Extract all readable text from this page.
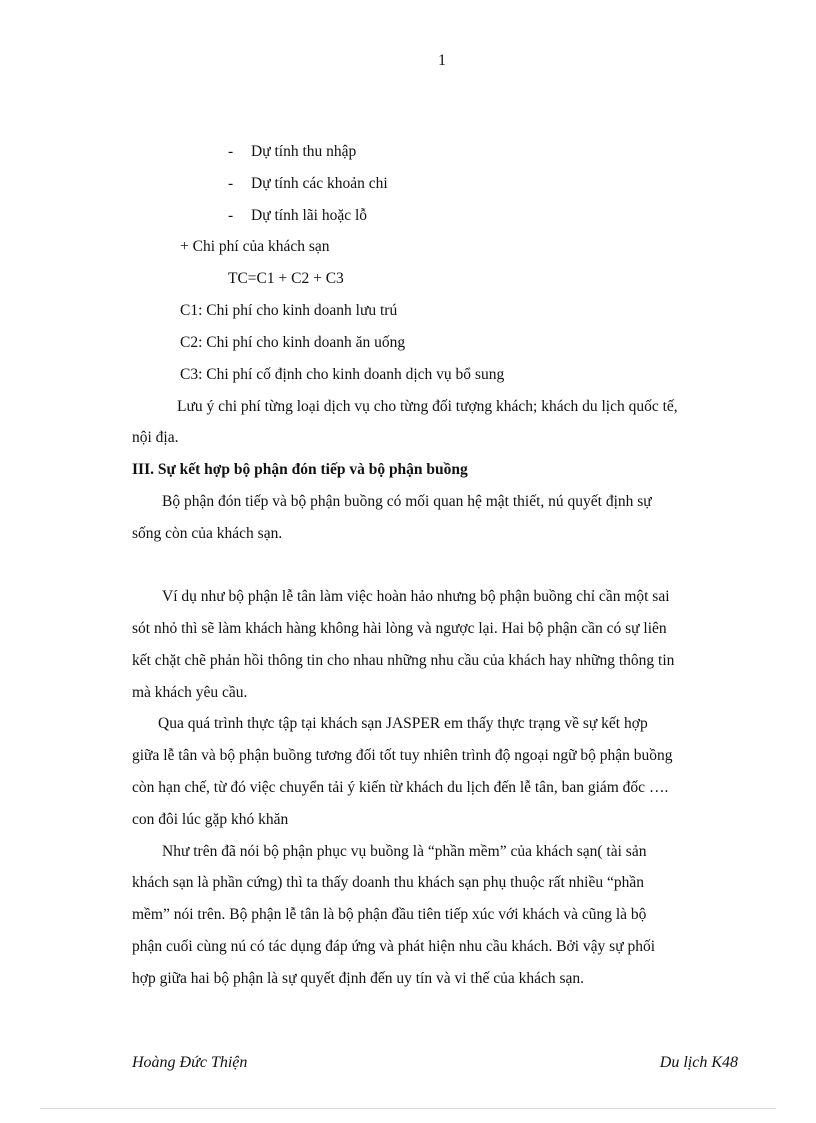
1
- Dự tính thu nhập
- Dự tính các khoản chi
- Dự tính lãi hoặc lỗ
+ Chi phí của khách sạn
TC=C1 + C2 + C3
C1: Chi phí cho kinh doanh lưu trú
C2: Chi phí cho kinh doanh ăn uống
C3: Chi phí cố định cho kinh doanh dịch vụ bổ sung
Lưu ý chi phí từng loại dịch vụ cho từng đối tượng khách; khách du lịch quốc tế,
nội địa.
III. Sự kết hợp bộ phận đón tiếp và bộ phận buồng
Bộ phận đón tiếp và bộ phận buồng có mối quan hệ mật thiết, nú quyết định sự
sống còn của khách sạn.
Ví dụ như bộ phận lễ tân làm việc hoàn hảo nhưng bộ phận buồng chỉ cần một sai
sót nhỏ thì sẽ làm khách hàng không hài lòng và ngược lại. Hai bộ phận cần có sự liên
kết chặt chẽ phản hồi thông tin cho nhau những nhu cầu của khách hay những thông tin
mà khách yêu cầu.
Qua quá trình thực tập tại khách sạn JASPER em thấy thực trạng về sự kết hợp
giữa lễ tân và bộ phận buồng tương đối tốt tuy nhiên trình độ ngoại ngữ bộ phận buồng
còn hạn chế, từ đó việc chuyển tải ý kiến từ khách du lịch đến lễ tân, ban giám đốc ….
con đôi lúc gặp khó khăn
Như trên đã nói bộ phận phục vụ buồng là “phần mềm” của khách sạn( tài sản
khách sạn là phần cứng) thì ta thấy doanh thu khách sạn phụ thuộc rất nhiều “phần
mềm” nói trên. Bộ phận lễ tân là bộ phận đầu tiên tiếp xúc với khách và cũng là bộ
phận cuối cùng nú có tác dụng đáp ứng và phát hiện nhu cầu khách. Bởi vậy sự phối
hợp giữa hai bộ phận là sự quyết định đến uy tín và vi thế của khách sạn.
Hoàng Đức Thiện	Du lịch K48
